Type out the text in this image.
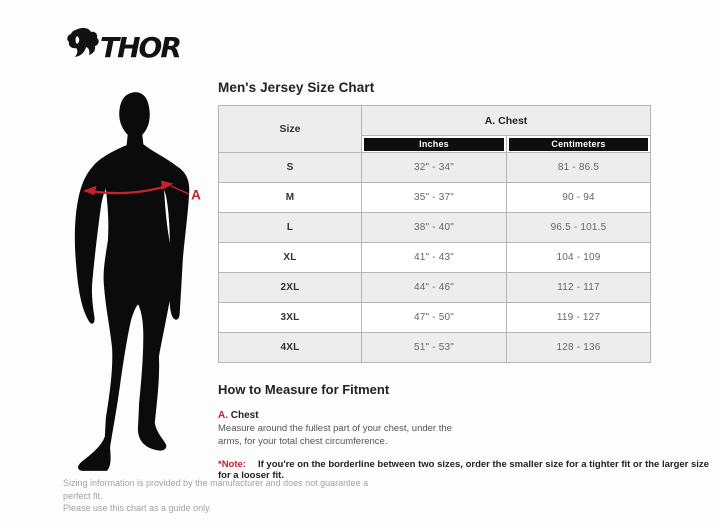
THOR
A
Men's Jersey Size Chart
Size	A. Chest	

	Inches	Centimeters

S	32" - 34"	81 - 86.5
M	35" - 37"	90 - 94
L	38" - 40"	96.5 - 101.5
XL	41" - 43"	104 - 109
2XL	44" - 46"	112 - 117
3XL	47" - 50"	119 - 127
4XL	51" - 53"	128 - 136
How to Measure for Fitment
A. Chest
Measure around the fullest part of your chest, under the arms, for your total chest circumference.
*Note: If you're on the borderline between two sizes, order the smaller size for a tighter fit or the larger size for a looser fit.
Sizing information is provided by the manufacturer and does not guarantee a perfect fit.
Please use this chart as a guide only.
